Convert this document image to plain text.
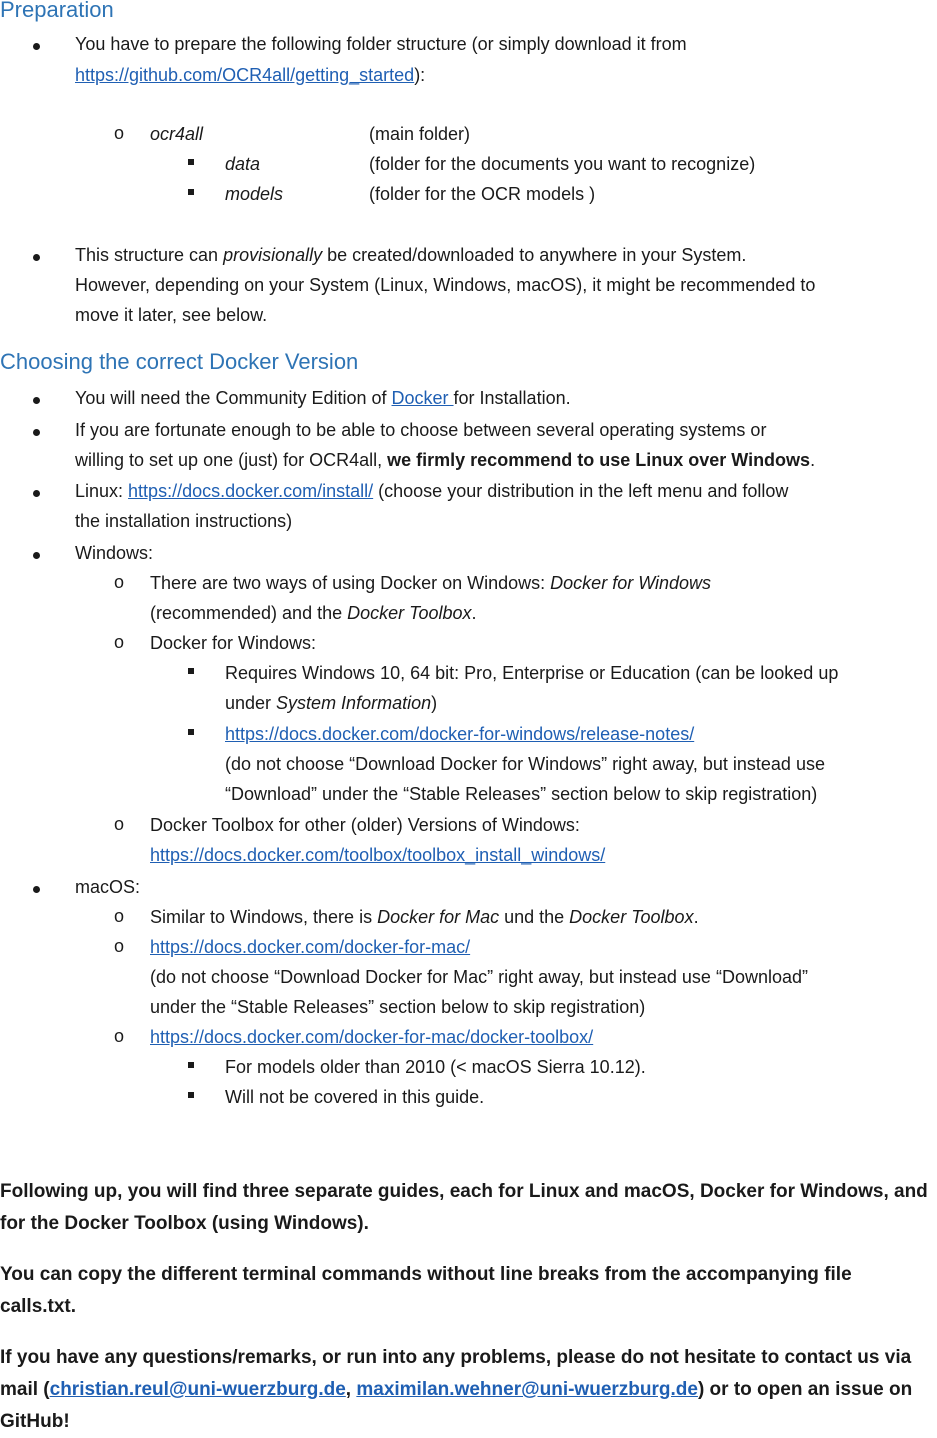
Preparation
You have to prepare the following folder structure (or simply download it from
https://github.com/OCR4all/getting_started):
o ocr4all	(main folder)
data	(folder for the documents you want to recognize)
models	(folder for the OCR models )
This structure can provisionally be created/downloaded to anywhere in your System.
However, depending on your System (Linux, Windows, macOS), it might be recommended to
move it later, see below.
Choosing the correct Docker Version
You will need the Community Edition of Docker for Installation.
If you are fortunate enough to be able to choose between several operating systems or
willing to set up one (just) for OCR4all, we firmly recommend to use Linux over Windows.
Linux: https://docs.docker.com/install/ (choose your distribution in the left menu and follow
the installation instructions)
Windows:
o There are two ways of using Docker on Windows: Docker for Windows
(recommended) and the Docker Toolbox.
o Docker for Windows:
Requires Windows 10, 64 bit: Pro, Enterprise or Education (can be looked up
under System Information)
https://docs.docker.com/docker-for-windows/release-notes/
(do not choose “Download Docker for Windows” right away, but instead use
“Download” under the “Stable Releases” section below to skip registration)
o Docker Toolbox for other (older) Versions of Windows:
https://docs.docker.com/toolbox/toolbox_install_windows/
macOS:
o Similar to Windows, there is Docker for Mac und the Docker Toolbox.
o https://docs.docker.com/docker-for-mac/
(do not choose “Download Docker for Mac” right away, but instead use “Download”
under the “Stable Releases” section below to skip registration)
o https://docs.docker.com/docker-for-mac/docker-toolbox/
For models older than 2010 (< macOS Sierra 10.12).
Will not be covered in this guide.
Following up, you will find three separate guides, each for Linux and macOS, Docker for Windows, and for the Docker Toolbox (using Windows).
You can copy the different terminal commands without line breaks from the accompanying file calls.txt.
If you have any questions/remarks, or run into any problems, please do not hesitate to contact us via mail (christian.reul@uni-wuerzburg.de, maximilan.wehner@uni-wuerzburg.de) or to open an issue on GitHub!
